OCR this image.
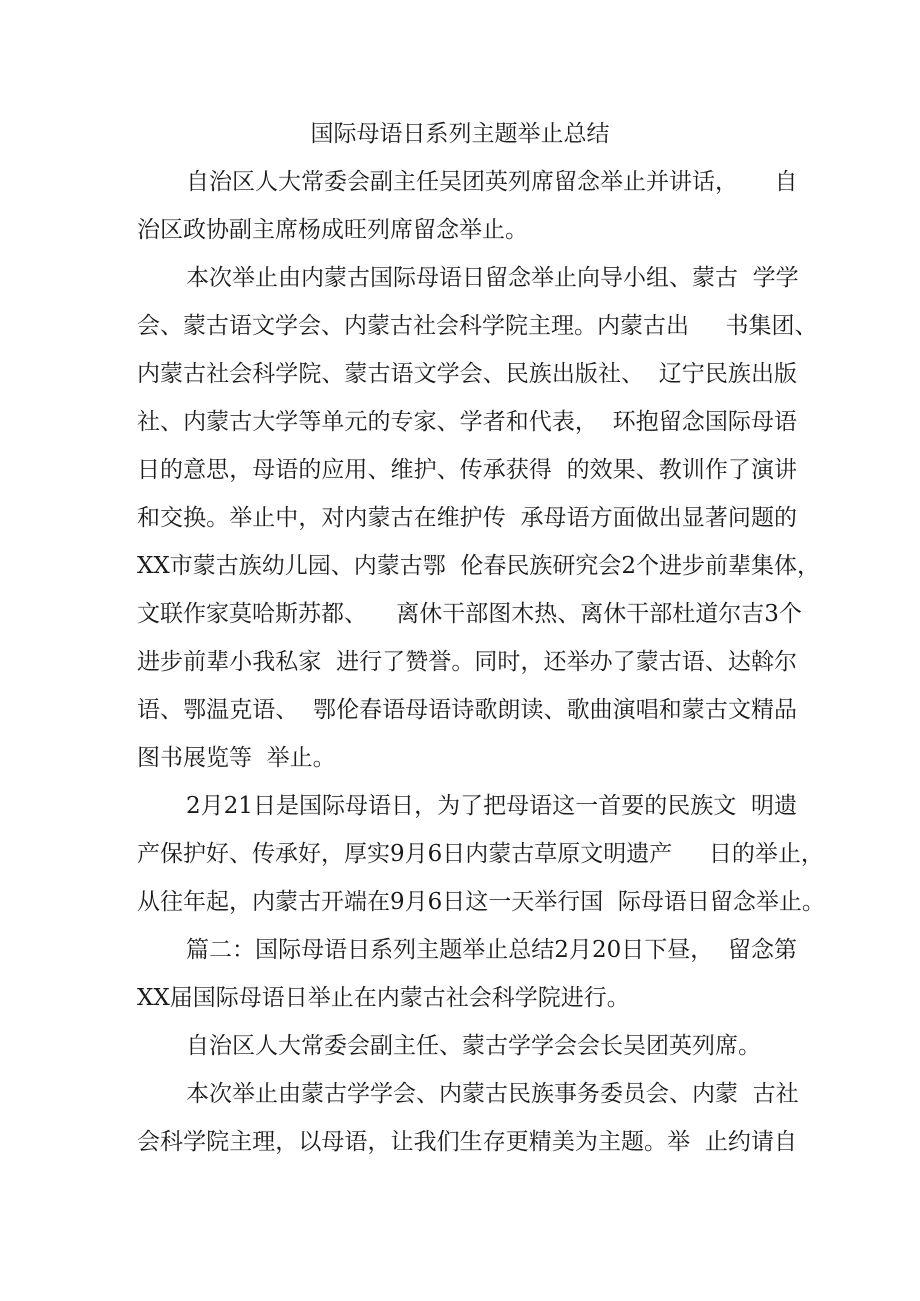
国际母语日系列主题举止总结
自治区人大常委会副主任吴团英列席留念举止并讲话，     自
治区政协副主席杨成旺列席留念举止。
本次举止由内蒙古国际母语日留念举止向导小组、蒙古  学学
会、蒙古语文学会、内蒙古社会科学院主理。内蒙古出     书集团、
内蒙古社会科学院、蒙古语文学会、民族出版社、  辽宁民族出版
社、内蒙古大学等单元的专家、学者和代表，  环抱留念国际母语
日的意思，母语的应用、维护、传承获得  的效果、教训作了演讲
和交换。举止中，对内蒙古在维护传  承母语方面做出显著问题的
XX市蒙古族幼儿园、内蒙古鄂  伦春民族研究会2个进步前辈集体，
文联作家莫哈斯苏都、    离休干部图木热、离休干部杜道尔吉3个
进步前辈小我私家  进行了赞誉。同时，还举办了蒙古语、达斡尔
语、鄂温克语、  鄂伦春语母语诗歌朗读、歌曲演唱和蒙古文精品
图书展览等  举止。
2月21日是国际母语日，为了把母语这一首要的民族文  明遗
产保护好、传承好，厚实9月6日内蒙古草原文明遗产     日的举止，
从往年起，内蒙古开端在9月6日这一天举行国  际母语日留念举止。
篇二：国际母语日系列主题举止总结2月20日下昼，  留念第
XX届国际母语日举止在内蒙古社会科学院进行。
自治区人大常委会副主任、蒙古学学会会长吴团英列席。
本次举止由蒙古学学会、内蒙古民族事务委员会、内蒙  古社
会科学院主理，以母语，让我们生存更精美为主题。举  止约请自
